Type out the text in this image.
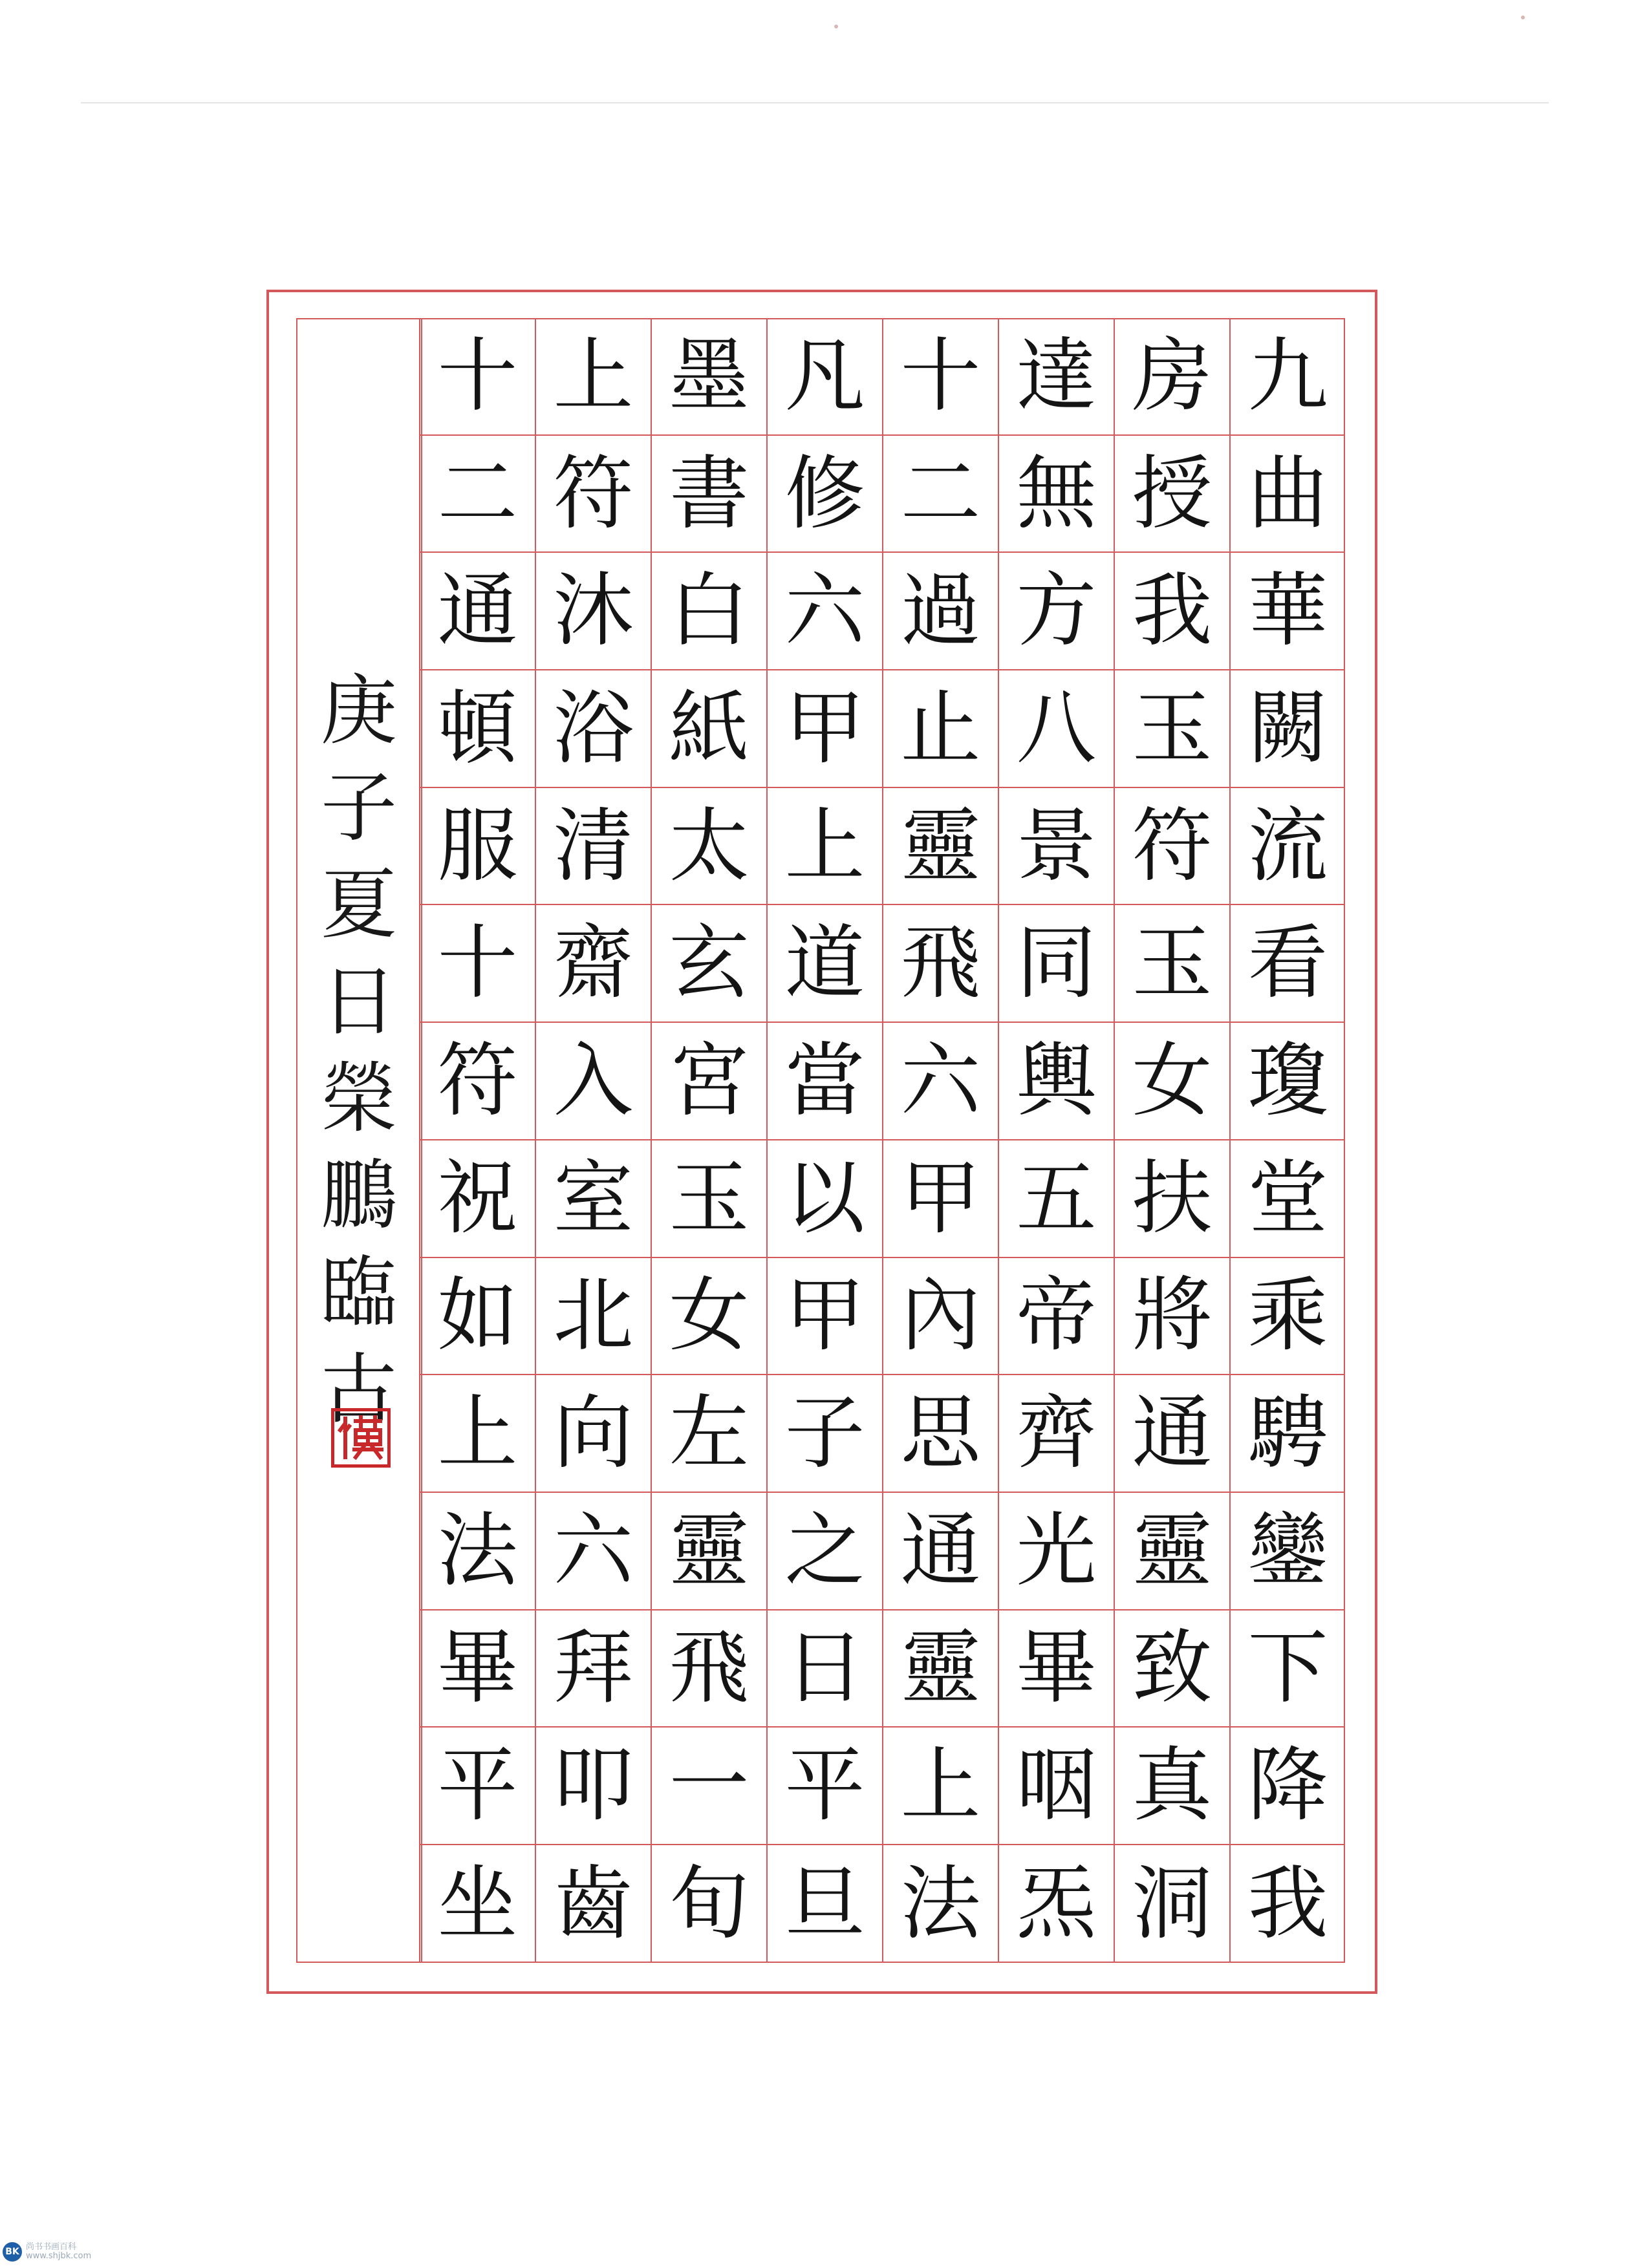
九
曲
華
闕
流
看
瓊
堂
乘
騁
鑾
下
降
我
房
授
我
玉
符
玉
女
扶
將
通
靈
致
真
洞
達
無
方
八
景
同
輿
五
帝
齊
光
畢
咽
炁
十
二
過
止
靈
飛
六
甲
內
思
通
靈
上
法
凡
修
六
甲
上
道
當
以
甲
子
之
日
平
旦
墨
書
白
紙
太
玄
宮
玉
女
左
靈
飛
一
旬
上
符
沐
浴
清
齋
入
室
北
向
六
拜
叩
齒
十
二
通
頓
服
十
符
祝
如
上
法
畢
平
坐
庚
子
夏
日
榮
鵬
臨
古
BK 尚书书画百科
www.shjbk.com
